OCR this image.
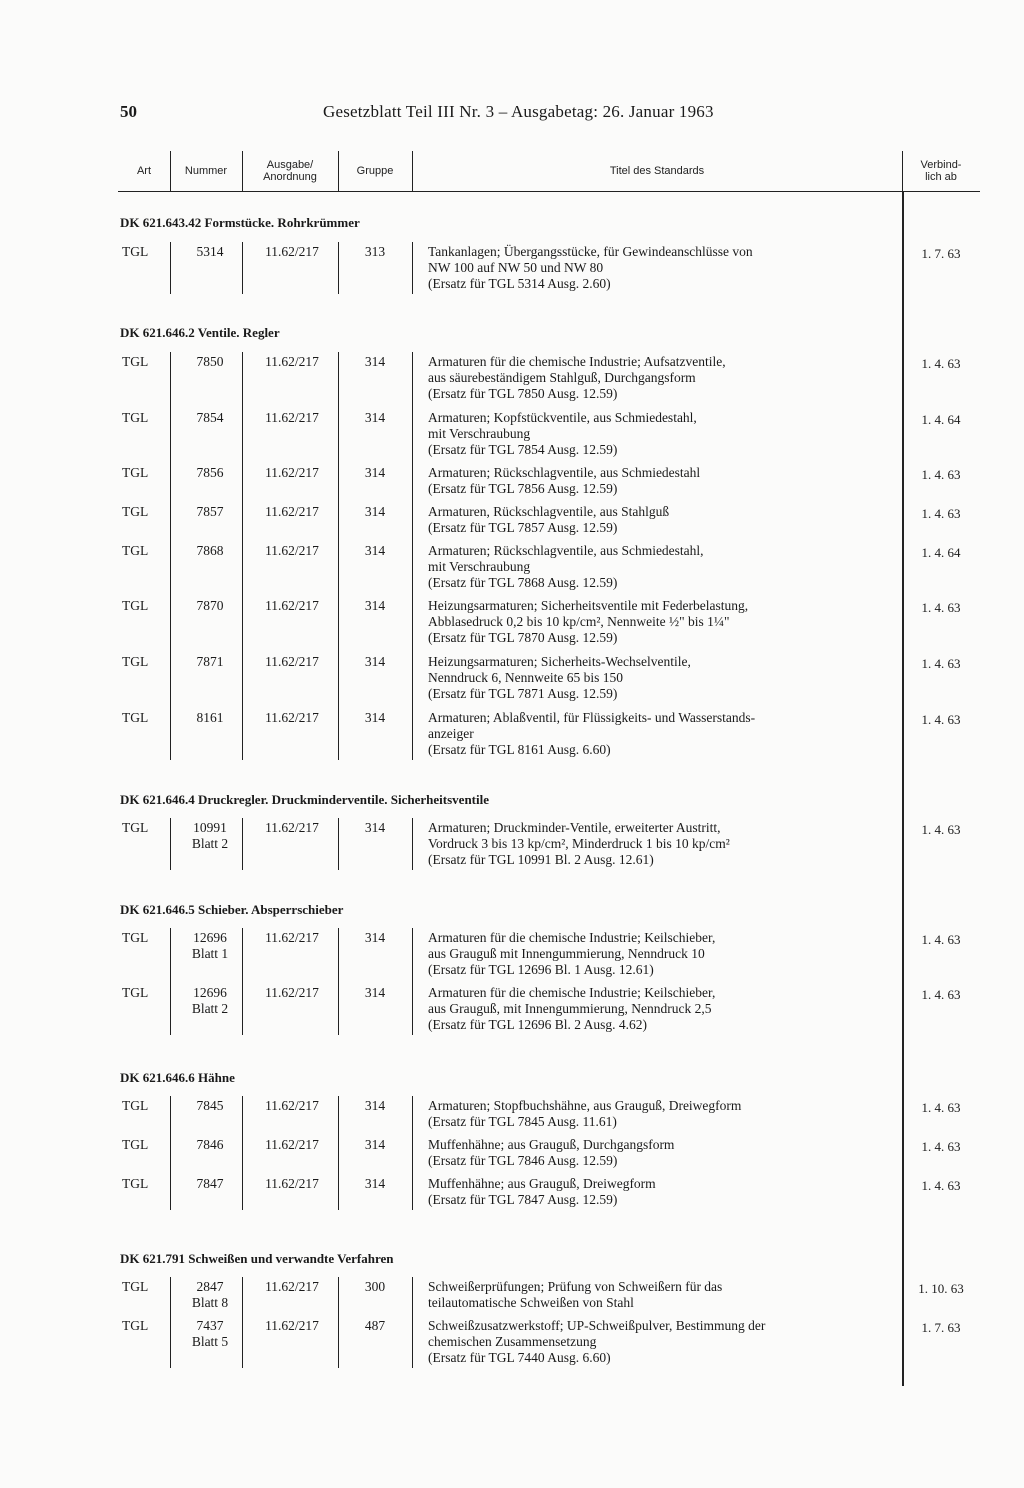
50	Gesetzblatt Teil III Nr. 3 – Ausgabetag: 26. Januar 1963
Art	Nummer	Ausgabe/
Anordnung	Gruppe	Titel des Standards	Verbind-
lich ab
DK 621.643.42 Formstücke. Rohrkrümmer
TGL	5314	11.62/217	313	Tankanlagen; Übergangsstücke, für Gewindeanschlüsse von
NW 100 auf NW 50 und NW 80
(Ersatz für TGL 5314 Ausg. 2.60)
1. 7. 63
DK 621.646.2 Ventile. Regler
TGL	7850	11.62/217	314	Armaturen für die chemische Industrie; Aufsatzventile,
aus säurebeständigem Stahlguß, Durchgangsform
(Ersatz für TGL 7850 Ausg. 12.59)
1. 4. 63
TGL	7854	11.62/217	314	Armaturen; Kopfstückventile, aus Schmiedestahl,
mit Verschraubung
(Ersatz für TGL 7854 Ausg. 12.59)
1. 4. 64
TGL	7856	11.62/217	314	Armaturen; Rückschlagventile, aus Schmiedestahl
(Ersatz für TGL 7856 Ausg. 12.59)
1. 4. 63
TGL	7857	11.62/217	314	Armaturen, Rückschlagventile, aus Stahlguß
(Ersatz für TGL 7857 Ausg. 12.59)
1. 4. 63
TGL	7868	11.62/217	314	Armaturen; Rückschlagventile, aus Schmiedestahl,
mit Verschraubung
(Ersatz für TGL 7868 Ausg. 12.59)
1. 4. 64
TGL	7870	11.62/217	314	Heizungsarmaturen; Sicherheitsventile mit Federbelastung,
Abblasedruck 0,2 bis 10 kp/cm², Nennweite ½" bis 1¼"
(Ersatz für TGL 7870 Ausg. 12.59)
1. 4. 63
TGL	7871	11.62/217	314	Heizungsarmaturen; Sicherheits-Wechselventile,
Nenndruck 6, Nennweite 65 bis 150
(Ersatz für TGL 7871 Ausg. 12.59)
1. 4. 63
TGL	8161	11.62/217	314	Armaturen; Ablaßventil, für Flüssigkeits- und Wasserstands-
anzeiger
(Ersatz für TGL 8161 Ausg. 6.60)
1. 4. 63
DK 621.646.4 Druckregler. Druckminderventile. Sicherheitsventile
TGL	10991
Blatt 2
11.62/217	314	Armaturen; Druckminder-Ventile, erweiterter Austritt,
Vordruck 3 bis 13 kp/cm², Minderdruck 1 bis 10 kp/cm²
(Ersatz für TGL 10991 Bl. 2 Ausg. 12.61)
1. 4. 63
DK 621.646.5 Schieber. Absperrschieber
TGL	12696
Blatt 1
11.62/217	314	Armaturen für die chemische Industrie; Keilschieber,
aus Grauguß mit Innengummierung, Nenndruck 10
(Ersatz für TGL 12696 Bl. 1 Ausg. 12.61)
1. 4. 63
TGL	12696
Blatt 2
11.62/217	314	Armaturen für die chemische Industrie; Keilschieber,
aus Grauguß, mit Innengummierung, Nenndruck 2,5
(Ersatz für TGL 12696 Bl. 2 Ausg. 4.62)
1. 4. 63
DK 621.646.6 Hähne
TGL	7845	11.62/217	314	Armaturen; Stopfbuchshähne, aus Grauguß, Dreiwegform
(Ersatz für TGL 7845 Ausg. 11.61)
1. 4. 63
TGL	7846	11.62/217	314	Muffenhähne; aus Grauguß, Durchgangsform
(Ersatz für TGL 7846 Ausg. 12.59)
1. 4. 63
TGL	7847	11.62/217	314	Muffenhähne; aus Grauguß, Dreiwegform
(Ersatz für TGL 7847 Ausg. 12.59)
1. 4. 63
DK 621.791 Schweißen und verwandte Verfahren
TGL	2847
Blatt 8
11.62/217	300	Schweißerprüfungen; Prüfung von Schweißern für das
teilautomatische Schweißen von Stahl
1. 10. 63
TGL	7437
Blatt 5
11.62/217	487	Schweißzusatzwerkstoff; UP-Schweißpulver, Bestimmung der
chemischen Zusammensetzung
(Ersatz für TGL 7440 Ausg. 6.60)
1. 7. 63
